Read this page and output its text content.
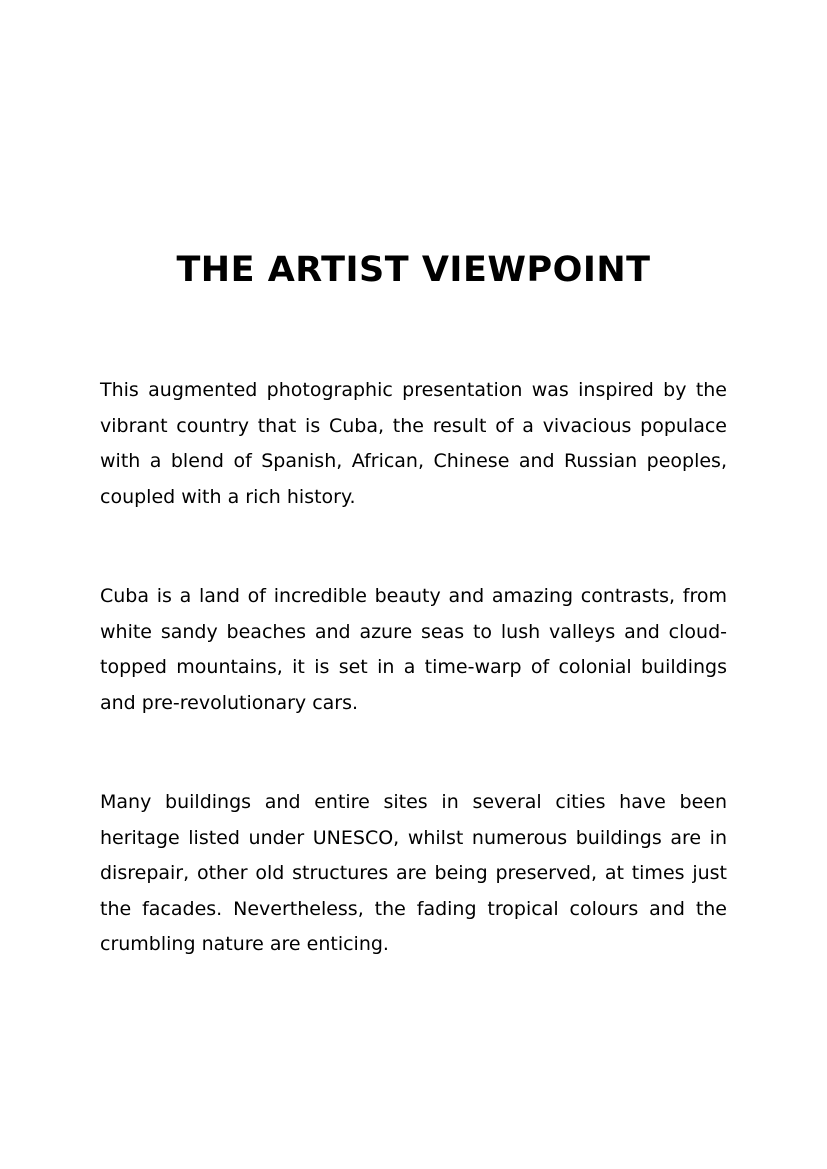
THE ARTIST VIEWPOINT

This augmented photographic presentation was inspired by the vibrant country that is Cuba, the result of a vivacious populace with a blend of Spanish, African, Chinese and Russian peoples, coupled with a rich history.

Cuba is a land of incredible beauty and amazing contrasts, from white sandy beaches and azure seas to lush valleys and cloud-topped mountains, it is set in a time-warp of colonial buildings and pre-revolutionary cars.

Many buildings and entire sites in several cities have been heritage listed under UNESCO, whilst numerous buildings are in disrepair, other old structures are being preserved, at times just the facades. Nevertheless, the fading tropical colours and the crumbling nature are enticing.
